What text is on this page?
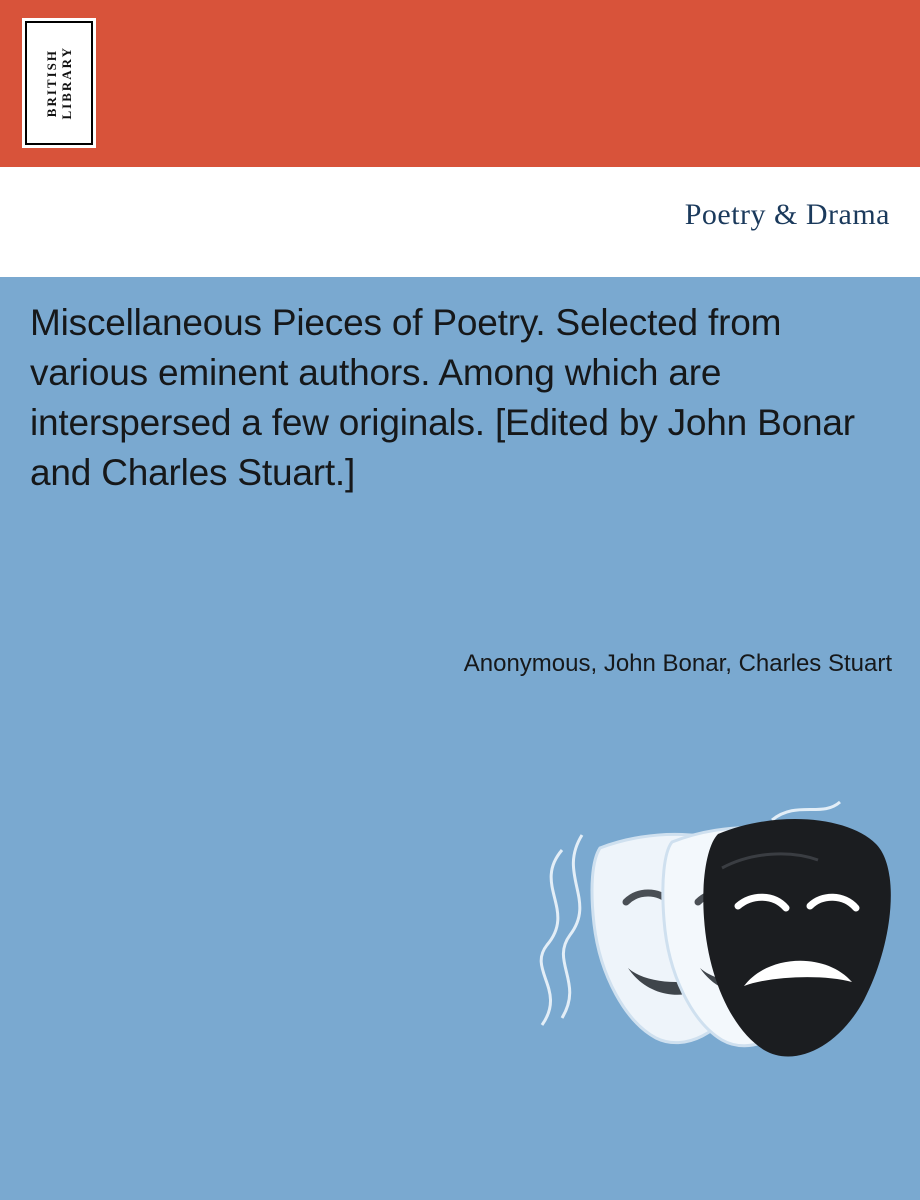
BRITISH LIBRARY
Poetry & Drama
Miscellaneous Pieces of Poetry. Selected from various eminent authors. Among which are interspersed a few originals. [Edited by John Bonar and Charles Stuart.]
Anonymous, John Bonar, Charles Stuart
